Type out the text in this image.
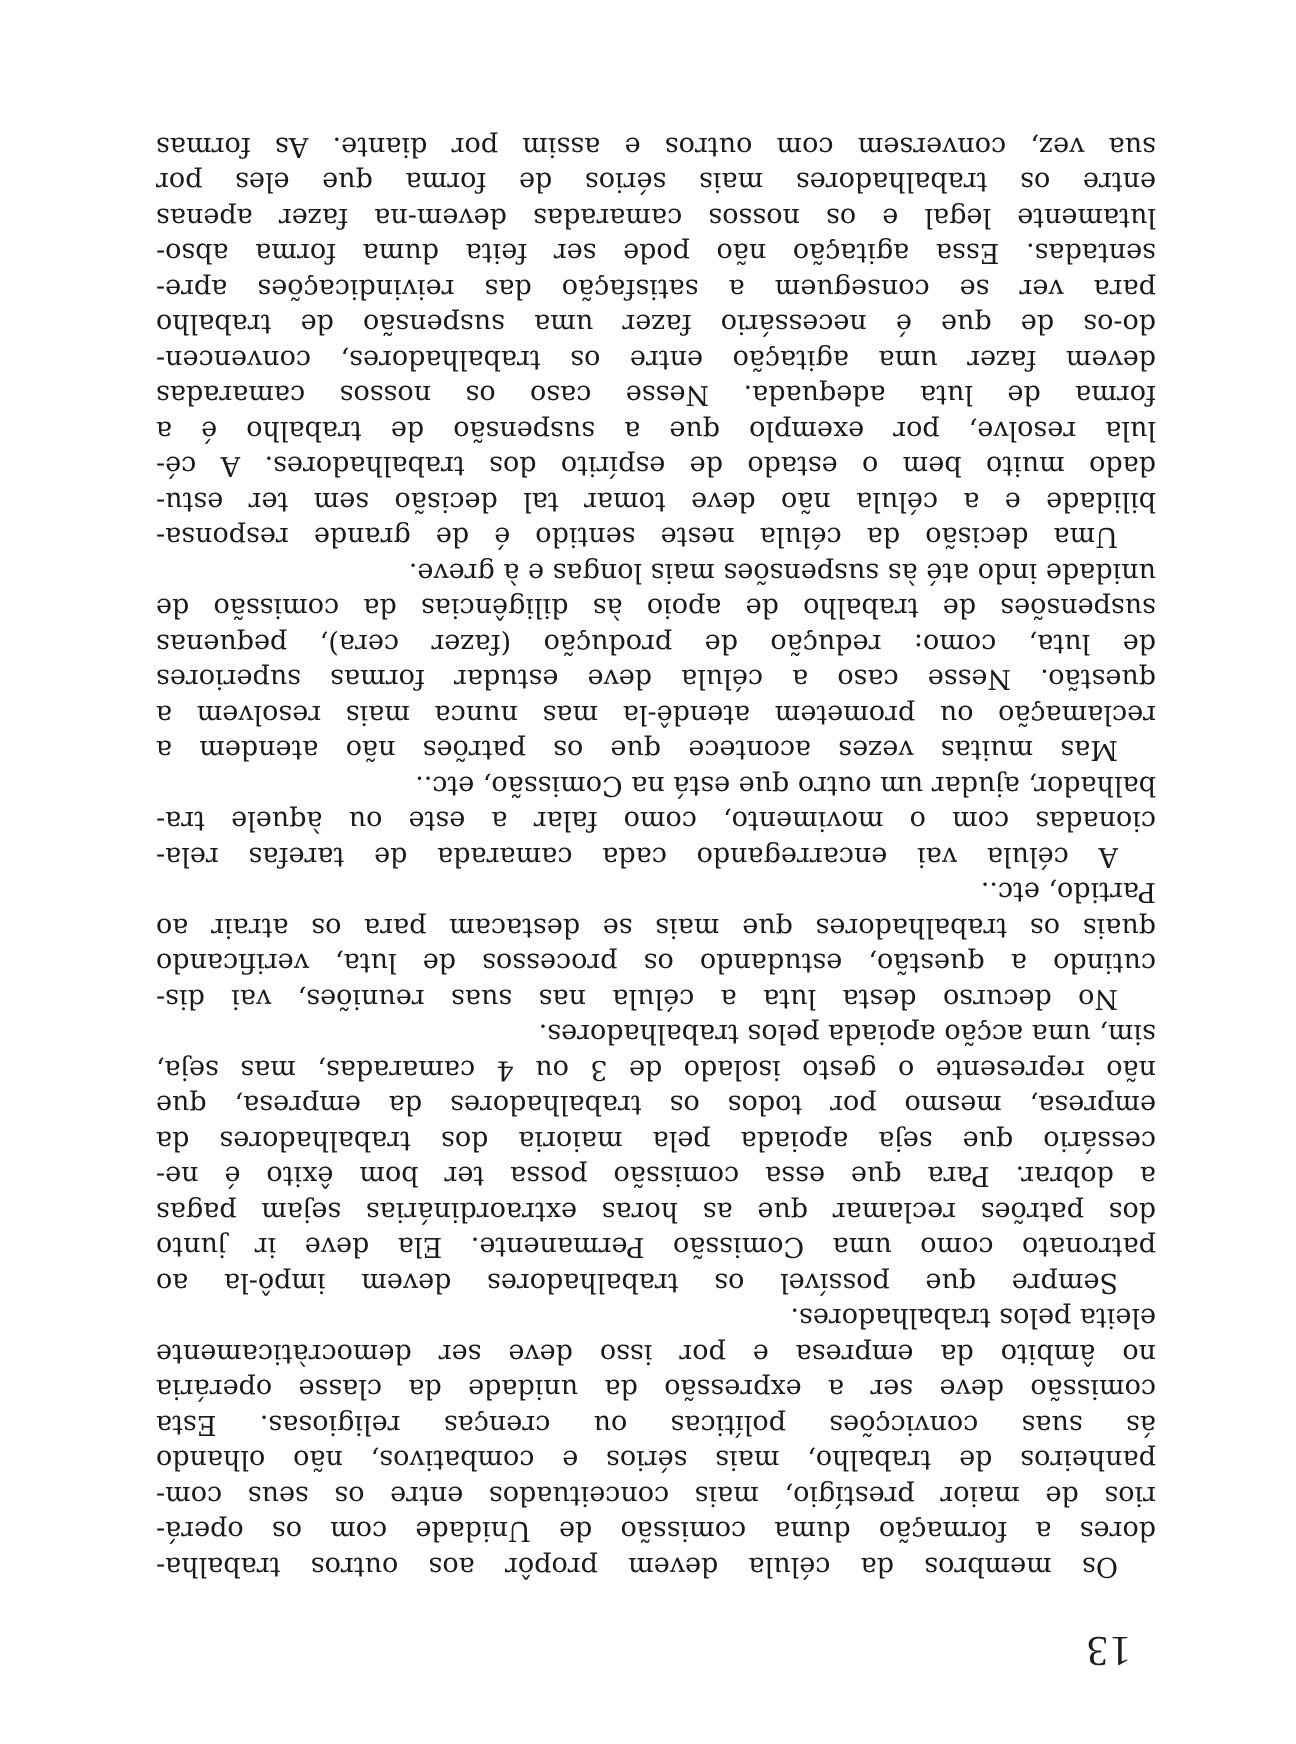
13
Os membros da célula devem propôr aos outros trabalha-
dores a formação duma comissão de Unidade com os operá-
rios de maior prestígio, mais conceituados entre os seus com-
panheiros de trabalho, mais sérios e combativos, não olhando
ás suas convicções políticas ou crenças religiosas. Esta
comissão deve ser a expressão da unidade da classe operária
no âmbito da empresa e por isso deve ser democràticamente
eleita pelos trabalhadores.
Sempre que possível os trabalhadores devem impô-la ao
patronato como uma Comissão Permanente. Ela deve ir junto
dos patrões reclamar que as horas extraordinárias sejam pagas
a dobrar. Para que essa comissão possa ter bom êxito é ne-
cessário que seja apoiada pela maioria dos trabalhadores da
empresa, mesmo por todos os trabalhadores da empresa, que
não represente o gesto isolado de 3 ou 4 camaradas, mas seja,
sim, uma acção apoiada pelos trabalhadores.
No decurso desta luta a célula nas suas reuniões, vai dis-
cutindo a questão, estudando os processos de luta, verificando
quais os trabalhadores que mais se destacam para os atrair ao
Partido, etc..
A célula vai encarregando cada camarada de tarefas rela-
cionadas com o movimento, como falar a este ou àquele tra-
balhador, ajudar um outro que está na Comissão, etc..
Mas muitas vezes acontece que os patrões não atendem a
reclamação ou prometem atendê-la mas nunca mais resolvem a
questão. Nesse caso a célula deve estudar formas superiores
de luta, como: redução de produção (fazer cera), pequenas
suspensões de trabalho de apoio às diligências da comissão de
unidade indo até às suspensões mais longas e à greve.
Uma decisão da célula neste sentido é de grande responsa-
bilidade e a célula não deve tomar tal decisão sem ter estu-
dado muito bem o estado de espírito dos trabalhadores. A cé-
lula resolve, por exemplo que a suspensão de trabalho é a
forma de luta adequada. Nesse caso os nossos camaradas
devem fazer uma agitação entre os trabalhadores, convencen-
do-os de que é necessário fazer uma suspensão de trabalho
para ver se conseguem a satisfação das reivindicações apre-
sentadas. Essa agitação não pode ser feita duma forma abso-
lutamente legal e os nossos camaradas devem-na fazer apenas
entre os trabalhadores mais sérios de forma que eles por
sua vez, conversem com outros e assim por diante. As formas
